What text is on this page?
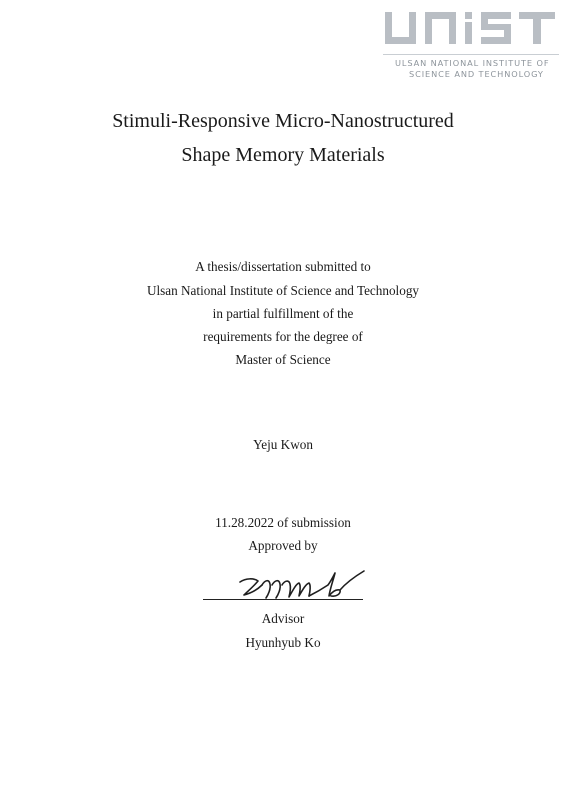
ULSAN NATIONAL INSTITUTE OF
SCIENCE AND TECHNOLOGY
Stimuli-Responsive Micro-Nanostructured
Shape Memory Materials
A thesis/dissertation submitted to
Ulsan National Institute of Science and Technology
in partial fulfillment of the
requirements for the degree of
Master of Science
Yeju Kwon
11.28.2022 of submission
Approved by
Advisor
Hyunhyub Ko
